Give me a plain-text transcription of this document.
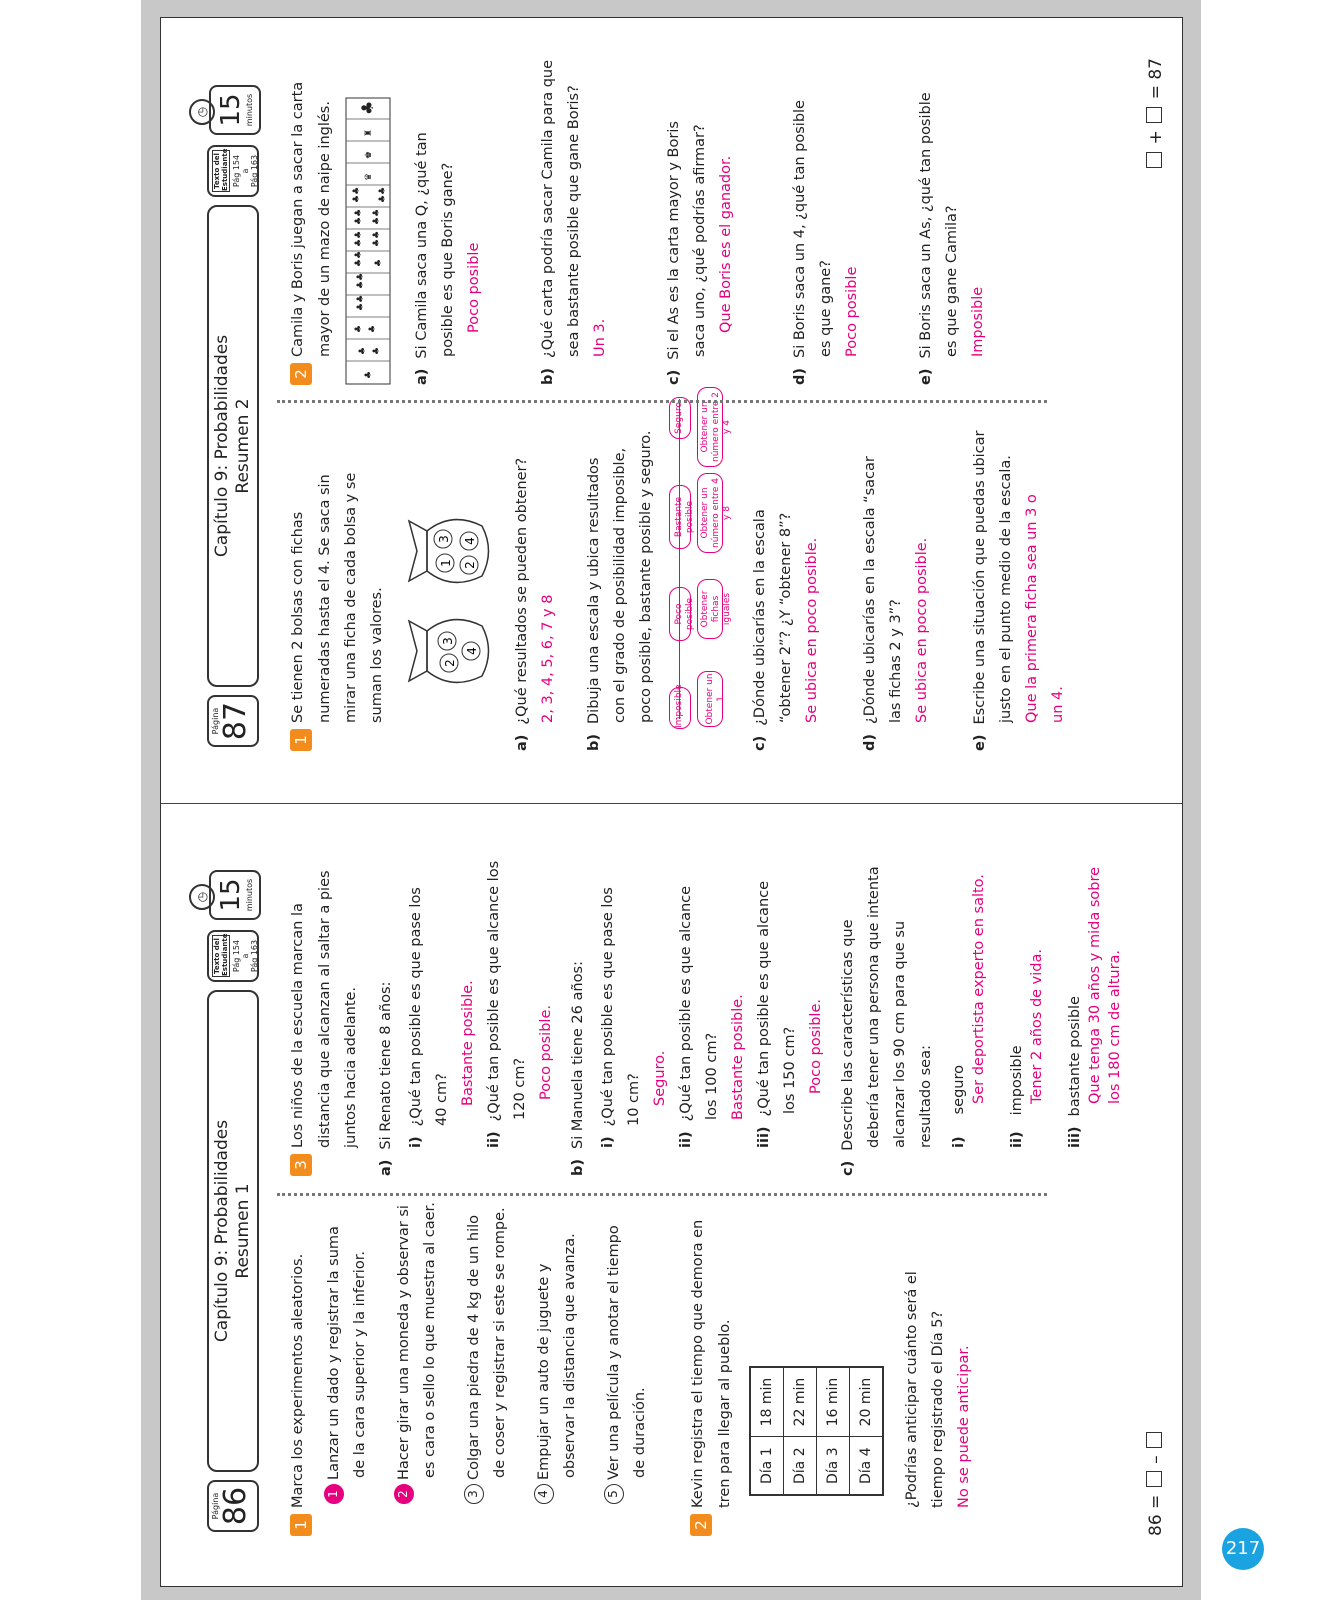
Página
86
Capítulo 9: Probabilidades Resumen 1
Texto del Estudiante Pág 154
a
Pág 163
◷ 15 minutos
1Marca los experimentos aleatorios.	1Lanzar un dado y registrar la suma de la cara superior y la inferior.
2Hacer girar una moneda y observar si es cara o sello lo que muestra al caer.
3Colgar una piedra de 4 kg de un hilo de coser y registrar si este se rompe.
4Empujar un auto de juguete y observar la distancia que avanza.
5Ver una película y anotar el tiempo de duración.
2Kevin registra el tiempo que demora en tren para llegar al pueblo.	Día 1	18 min
Día 2	22 min
Día 3	16 min
Día 4	20 min	¿Podrías anticipar cuánto será el tiempo registrado el Día 5? No se puede anticipar.
3Los niños de la escuela marcan la distancia que alcanzan al saltar a pies juntos hacia adelante.
a)Si Renato tiene 8 años: i)¿Qué tan posible es que pase los 40 cm? Bastante posible.
ii)¿Qué tan posible es que alcance los 120 cm? Poco posible.
b)Si Manuela tiene 26 años: i)¿Qué tan posible es que pase los 10 cm? Seguro.
ii)¿Qué tan posible es que alcance los 100 cm? Bastante posible.
iii)¿Qué tan posible es que alcance los 150 cm? Poco posible.
c)Describe las características que debería tener una persona que intenta alcanzar los 90 cm para que su resultado sea:	i)seguro Ser deportista experto en salto.
ii)imposible Tener 2 años de vida.
iii)bastante posible Que tenga 30 años y mida sobre los 180 cm de altura.
86 =  –
Página
87
Capítulo 9: Probabilidades Resumen 2
Texto del Estudiante Pág 154
a
Pág 163
◷ 15 minutos
1Se tienen 2 bolsas con fichas numeradas hasta el 4. Se saca sin mirar una ficha de cada bolsa y se suman los valores.	2
3
4
1
3
2
4
a)¿Qué resultados se pueden obtener? 2, 3, 4, 5, 6, 7 y 8
b)Dibuja una escala y ubica resultados con el grado de posibilidad imposible, poco posible, bastante posible y seguro.	Imposible
Poco posible
Bastante posible
Seguro
Obtener un 1
Obtener fichas iguales
Obtener un número entre 4 y 8
Obtener un número entre 2 y 4
c)¿Dónde ubicarías en la escala “obtener 2”? ¿Y “obtener 8”? Se ubica en poco posible.
d)¿Dónde ubicarías en la escala “sacar las fichas 2 y 3”? Se ubica en poco posible.
e)Escribe una situación que puedas ubicar justo en el punto medio de la escala. Que la primera ficha sea un 3 o un 4.
2Camila y Boris juegan a sacar la carta mayor de un mazo de naipe inglés.
♣
♣ ♣
♣ ♣
♣♣
♣♣
♣♣ ♣
♣♣ ♣♣
♣♣ ♣♣
♣♣ ♣♣
♛
♚
♜
♣
a)Si Camila saca una Q, ¿qué tan posible es que Boris gane? Poco posible
b)¿Qué carta podría sacar Camila para que sea bastante posible que gane Boris? Un 3.
c)Si el As es la carta mayor y Boris saca uno, ¿qué podrías afirmar? Que Boris es el ganador.
d)Si Boris saca un 4, ¿qué tan posible es que gane? Poco posible
e)Si Boris saca un As, ¿qué tan posible es que gane Camila? Imposible
+  = 87
217
